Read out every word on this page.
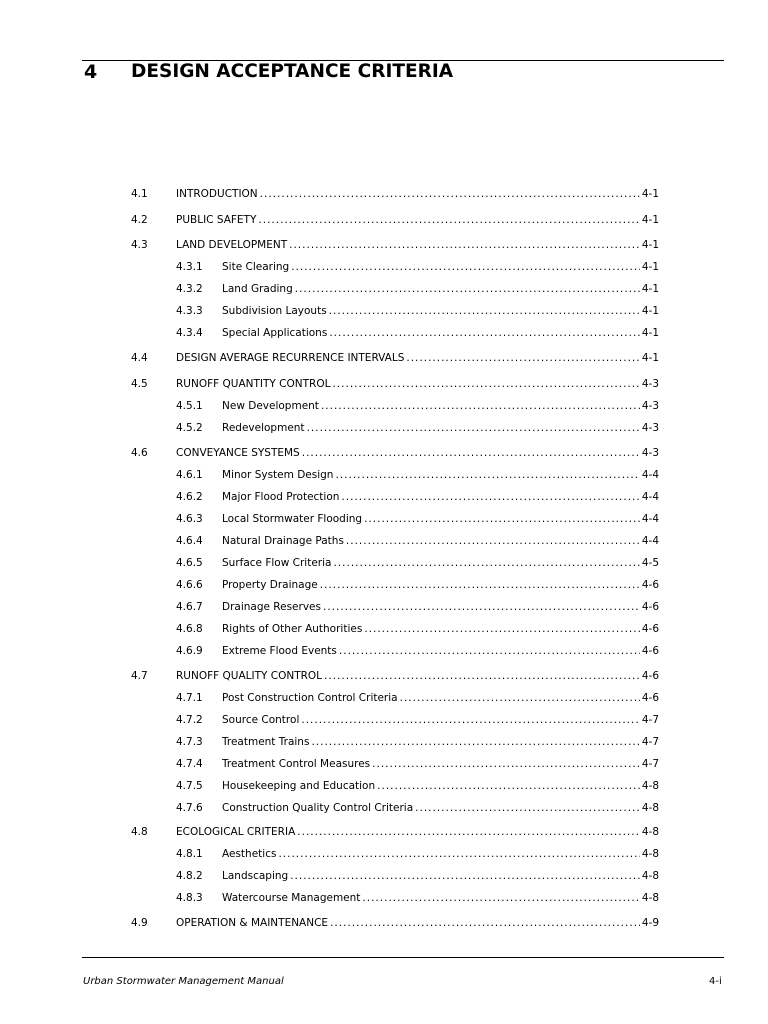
4 DESIGN ACCEPTANCE CRITERIA
4.1	INTRODUCTION .....	4-1
4.2	PUBLIC SAFETY .....	4-1
4.3	LAND DEVELOPMENT .....	4-1
4.3.1	Site Clearing .....	4-1
4.3.2	Land Grading .....	4-1
4.3.3	Subdivision Layouts .....	4-1
4.3.4	Special Applications .....	4-1
4.4	DESIGN AVERAGE RECURRENCE INTERVALS .....	4-1
4.5	RUNOFF QUANTITY CONTROL .....	4-3
4.5.1	New Development .....	4-3
4.5.2	Redevelopment .....	4-3
4.6	CONVEYANCE SYSTEMS .....	4-3
4.6.1	Minor System Design .....	4-4
4.6.2	Major Flood Protection .....	4-4
4.6.3	Local Stormwater Flooding .....	4-4
4.6.4	Natural Drainage Paths .....	4-4
4.6.5	Surface Flow Criteria .....	4-5
4.6.6	Property Drainage .....	4-6
4.6.7	Drainage Reserves .....	4-6
4.6.8	Rights of Other Authorities .....	4-6
4.6.9	Extreme Flood Events .....	4-6
4.7	RUNOFF QUALITY CONTROL .....	4-6
4.7.1	Post Construction Control Criteria .....	4-6
4.7.2	Source Control .....	4-7
4.7.3	Treatment Trains .....	4-7
4.7.4	Treatment Control Measures .....	4-7
4.7.5	Housekeeping and Education .....	4-8
4.7.6	Construction Quality Control Criteria .....	4-8
4.8	ECOLOGICAL CRITERIA .....	4-8
4.8.1	Aesthetics .....	4-8
4.8.2	Landscaping .....	4-8
4.8.3	Watercourse Management .....	4-8
4.9	OPERATION & MAINTENANCE .....	4-9
Urban Stormwater Management Manual	4-i
